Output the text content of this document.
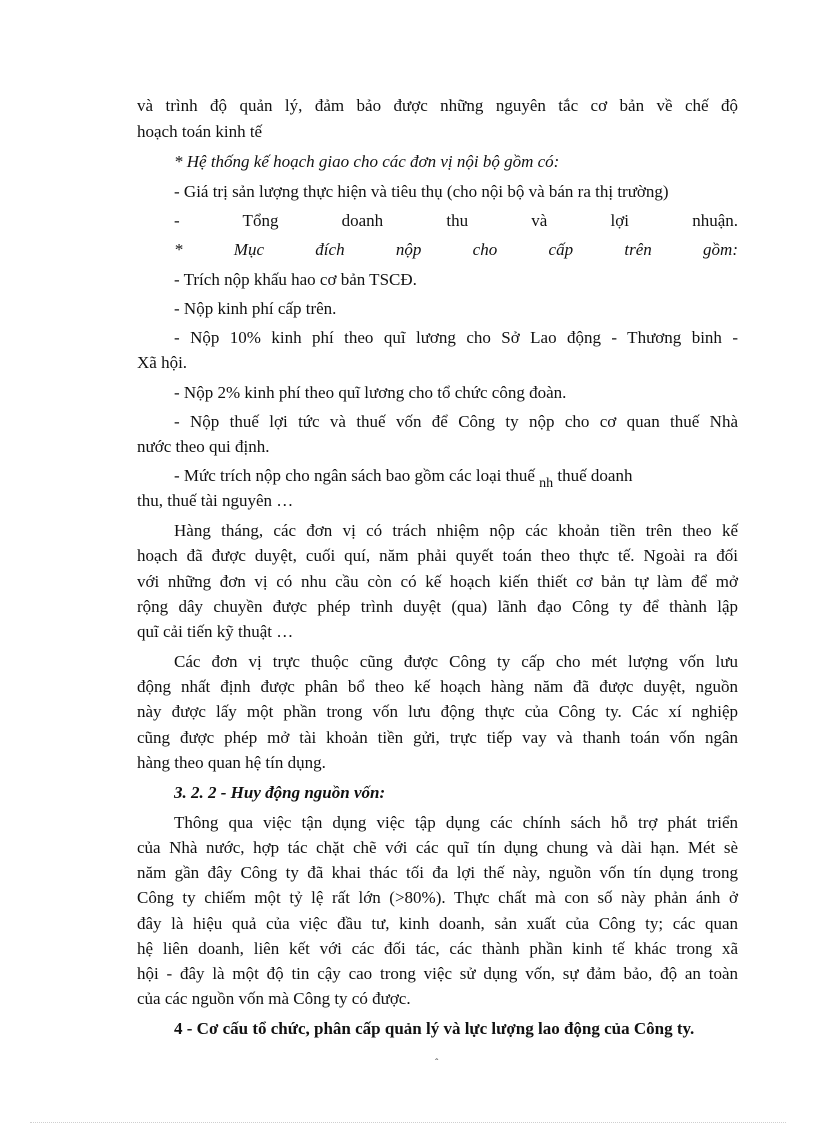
và trình độ quản lý, đảm bảo được những nguyên tắc cơ bản về chế độ
hoạch toán kinh tế
* Hệ thống kế hoạch giao cho các đơn vị nội bộ gồm có:
- Giá trị sản lượng thực hiện và tiêu thụ (cho nội bộ và bán ra thị trường)
- Tổng doanh thu và lợi nhuận.
* Mục đích nộp cho cấp trên gồm:
- Trích nộp khấu hao cơ bản TSCĐ.
- Nộp kinh phí cấp trên.
- Nộp 10% kinh phí theo quĩ lương cho Sở Lao động - Thương binh -
Xã hội.
- Nộp 2% kinh phí theo quĩ lương cho tổ chức công đoàn.
- Nộp thuế lợi tức và thuế vốn để Công ty nộp cho cơ quan thuế Nhà
nước theo qui định.
- Mức trích nộp cho ngân sách bao gồm các loại thuế nh thuế doanh
thu, thuế tài nguyên …
Hàng tháng, các đơn vị có trách nhiệm nộp các khoản tiền trên theo kế
hoạch đã được duyệt, cuối quí, năm phải quyết toán theo thực tế. Ngoài ra đối
với những đơn vị có nhu cầu còn có kế hoạch kiến thiết cơ bản tự làm để mở
rộng dây chuyền được phép trình duyệt (qua) lãnh đạo Công ty để thành lập
quĩ cải tiến kỹ thuật …
Các đơn vị trực thuộc cũng được Công ty cấp cho mét lượng vốn lưu
động nhất định được phân bổ theo kế hoạch hàng năm đã được duyệt, nguồn
này được lấy một phần trong vốn lưu động thực của Công ty. Các xí nghiệp
cũng được phép mở tài khoản tiền gửi, trực tiếp vay và thanh toán vốn ngân
hàng theo quan hệ tín dụng.
3. 2. 2 - Huy động nguồn vốn:
Thông qua việc tận dụng việc tập dụng các chính sách hỗ trợ phát triển
của Nhà nước, hợp tác chặt chẽ với các quĩ tín dụng chung và dài hạn. Mét sè
năm gần đây Công ty đã khai thác tối đa lợi thế này, nguồn vốn tín dụng trong
Công ty chiếm một tỷ lệ rất lớn (>80%). Thực chất mà con số này phản ánh ở
đây là hiệu quả của việc đầu tư, kinh doanh, sản xuất của Công ty; các quan
hệ liên doanh, liên kết với các đối tác, các thành phần kinh tế khác trong xã
hội - đây là một độ tin cậy cao trong việc sử dụng vốn, sự đảm bảo, độ an toàn
của các nguồn vốn mà Công ty có được.
4 - Cơ cấu tổ chức, phân cấp quản lý và lực lượng lao động của Công ty.
ˆ
